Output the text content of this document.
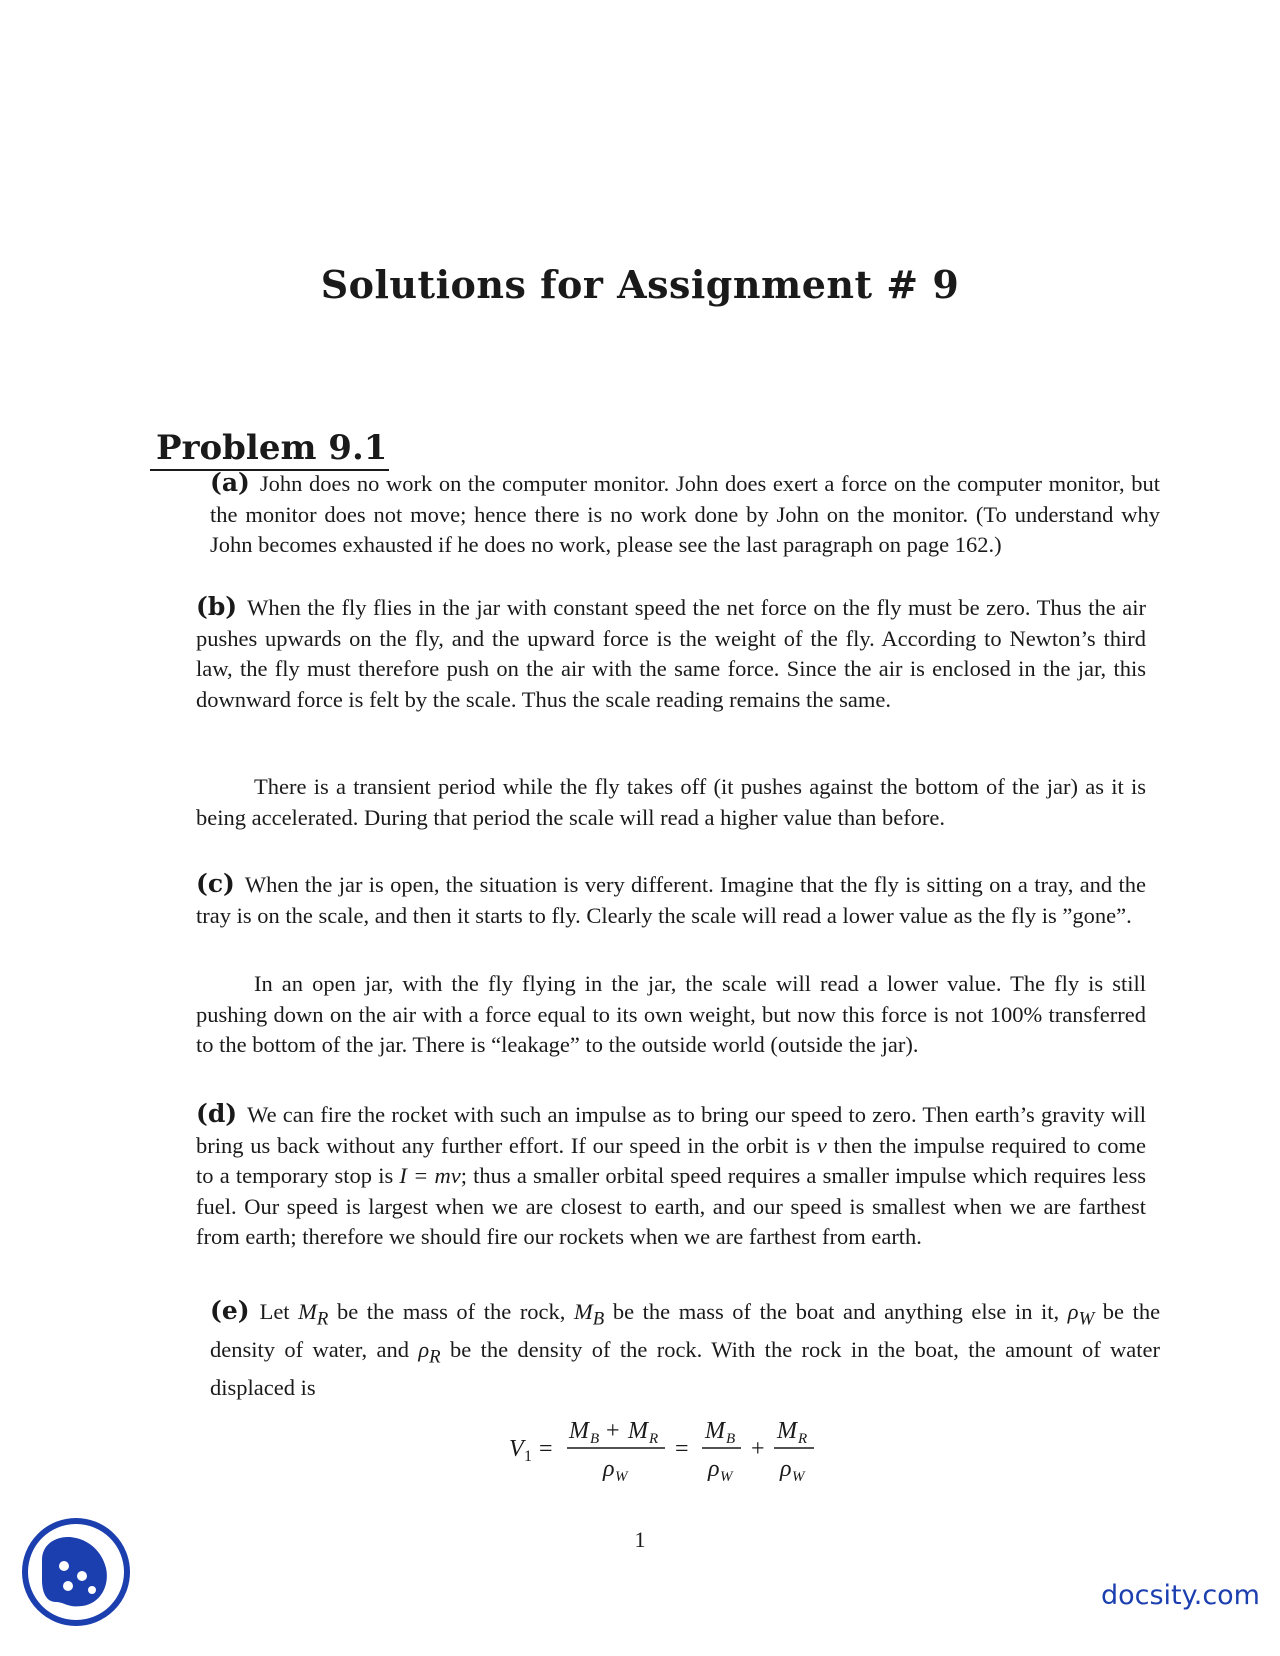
Solutions for Assignment # 9
Problem 9.1
(a) John does no work on the computer monitor. John does exert a force on the computer monitor, but the monitor does not move; hence there is no work done by John on the monitor. (To understand why John becomes exhausted if he does no work, please see the last paragraph on page 162.)
(b) When the fly flies in the jar with constant speed the net force on the fly must be zero. Thus the air pushes upwards on the fly, and the upward force is the weight of the fly. According to Newton’s third law, the fly must therefore push on the air with the same force. Since the air is enclosed in the jar, this downward force is felt by the scale. Thus the scale reading remains the same.
There is a transient period while the fly takes off (it pushes against the bottom of the jar) as it is being accelerated. During that period the scale will read a higher value than before.
(c) When the jar is open, the situation is very different. Imagine that the fly is sitting on a tray, and the tray is on the scale, and then it starts to fly. Clearly the scale will read a lower value as the fly is ”gone”.
In an open jar, with the fly flying in the jar, the scale will read a lower value. The fly is still pushing down on the air with a force equal to its own weight, but now this force is not 100% transferred to the bottom of the jar. There is “leakage” to the outside world (outside the jar).
(d) We can fire the rocket with such an impulse as to bring our speed to zero. Then earth’s gravity will bring us back without any further effort. If our speed in the orbit is v then the impulse required to come to a temporary stop is I = mv; thus a smaller orbital speed requires a smaller impulse which requires less fuel. Our speed is largest when we are closest to earth, and our speed is smallest when we are farthest from earth; therefore we should fire our rockets when we are farthest from earth.
(e) Let $M_R$ be the mass of the rock, $M_B$ be the mass of the boat and anything else in it, $\rho_W$ be the density of water, and $\rho_R$ be the density of the rock. With the rock in the boat, the amount of water displaced is
V 1 =
M B + M R
ρ W
=
M B
ρ W
+
M R
ρ W
1
docsity.com
